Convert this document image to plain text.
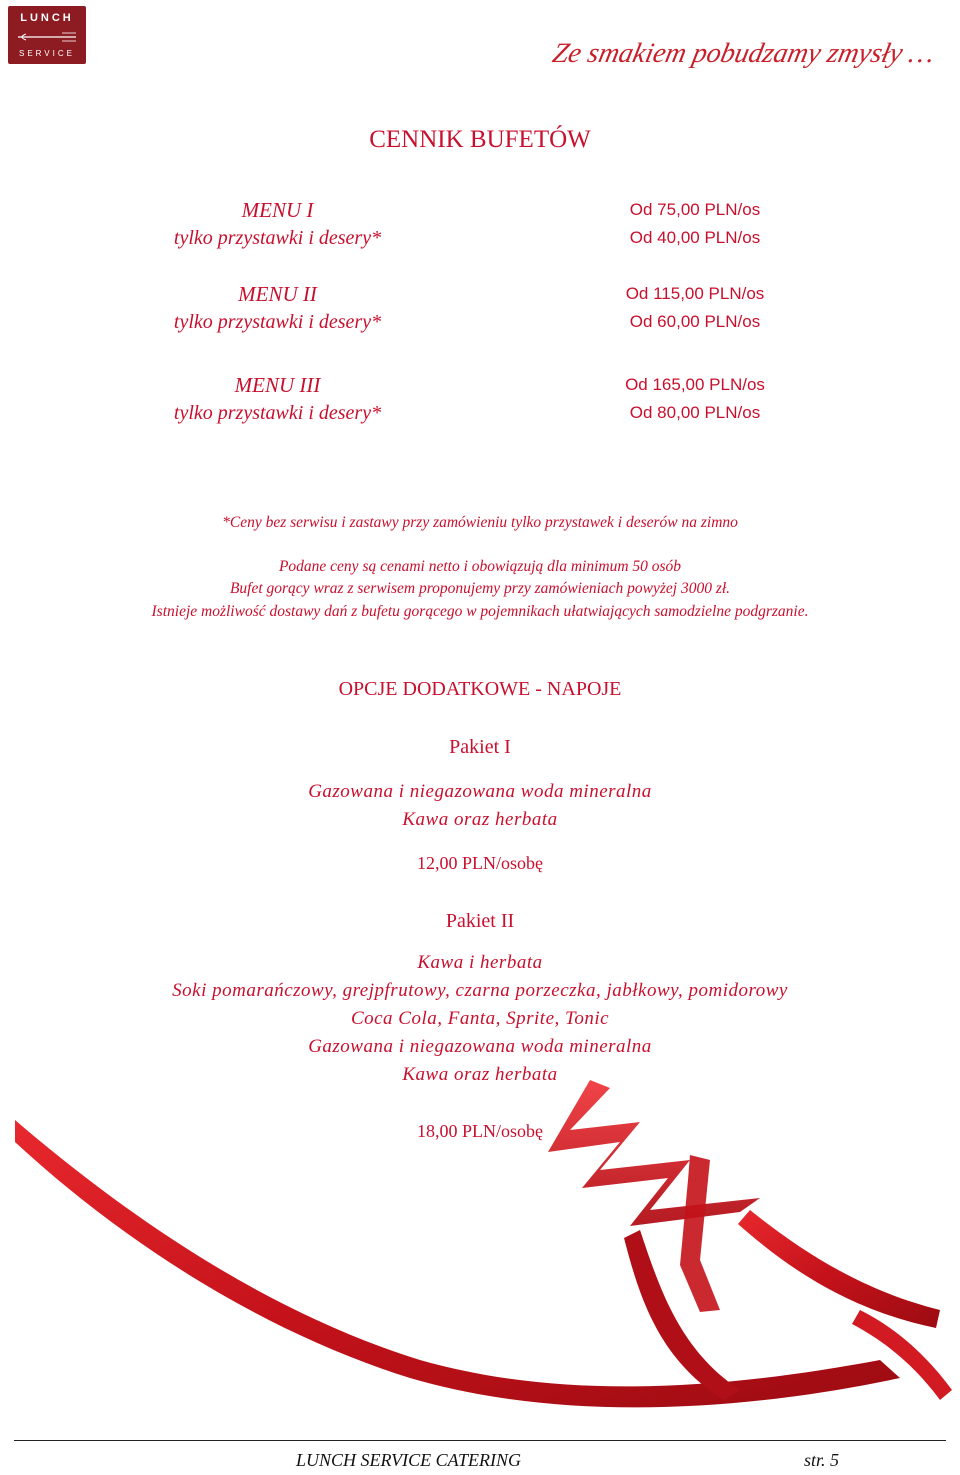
LUNCH
SERVICE	Ze smakiem pobudzamy zmysły …
CENNIK BUFETÓW
MENU I
tylko przystawki i desery*
Od 75,00 PLN/os
Od 40,00 PLN/os
MENU II
tylko przystawki i desery*
Od 115,00 PLN/os
Od 60,00 PLN/os
MENU III
tylko przystawki i desery*
Od 165,00 PLN/os
Od 80,00 PLN/os
*Ceny bez serwisu i zastawy przy zamówieniu tylko przystawek i deserów na zimno
Podane ceny są cenami netto i obowiązują dla minimum 50 osób
Bufet gorący wraz z serwisem proponujemy przy zamówieniach powyżej 3000 zł.
Istnieje możliwość dostawy dań z bufetu gorącego w pojemnikach ułatwiających samodzielne podgrzanie.
OPCJE DODATKOWE - NAPOJE
Pakiet I
Gazowana i niegazowana woda mineralna
Kawa oraz herbata
12,00 PLN/osobę
Pakiet II
Kawa i herbata
Soki pomarańczowy, grejpfrutowy, czarna porzeczka, jabłkowy, pomidorowy
Coca Cola, Fanta, Sprite, Tonic
Gazowana i niegazowana woda mineralna
Kawa oraz herbata
18,00 PLN/osobę
LUNCH SERVICE CATERING	str. 5
